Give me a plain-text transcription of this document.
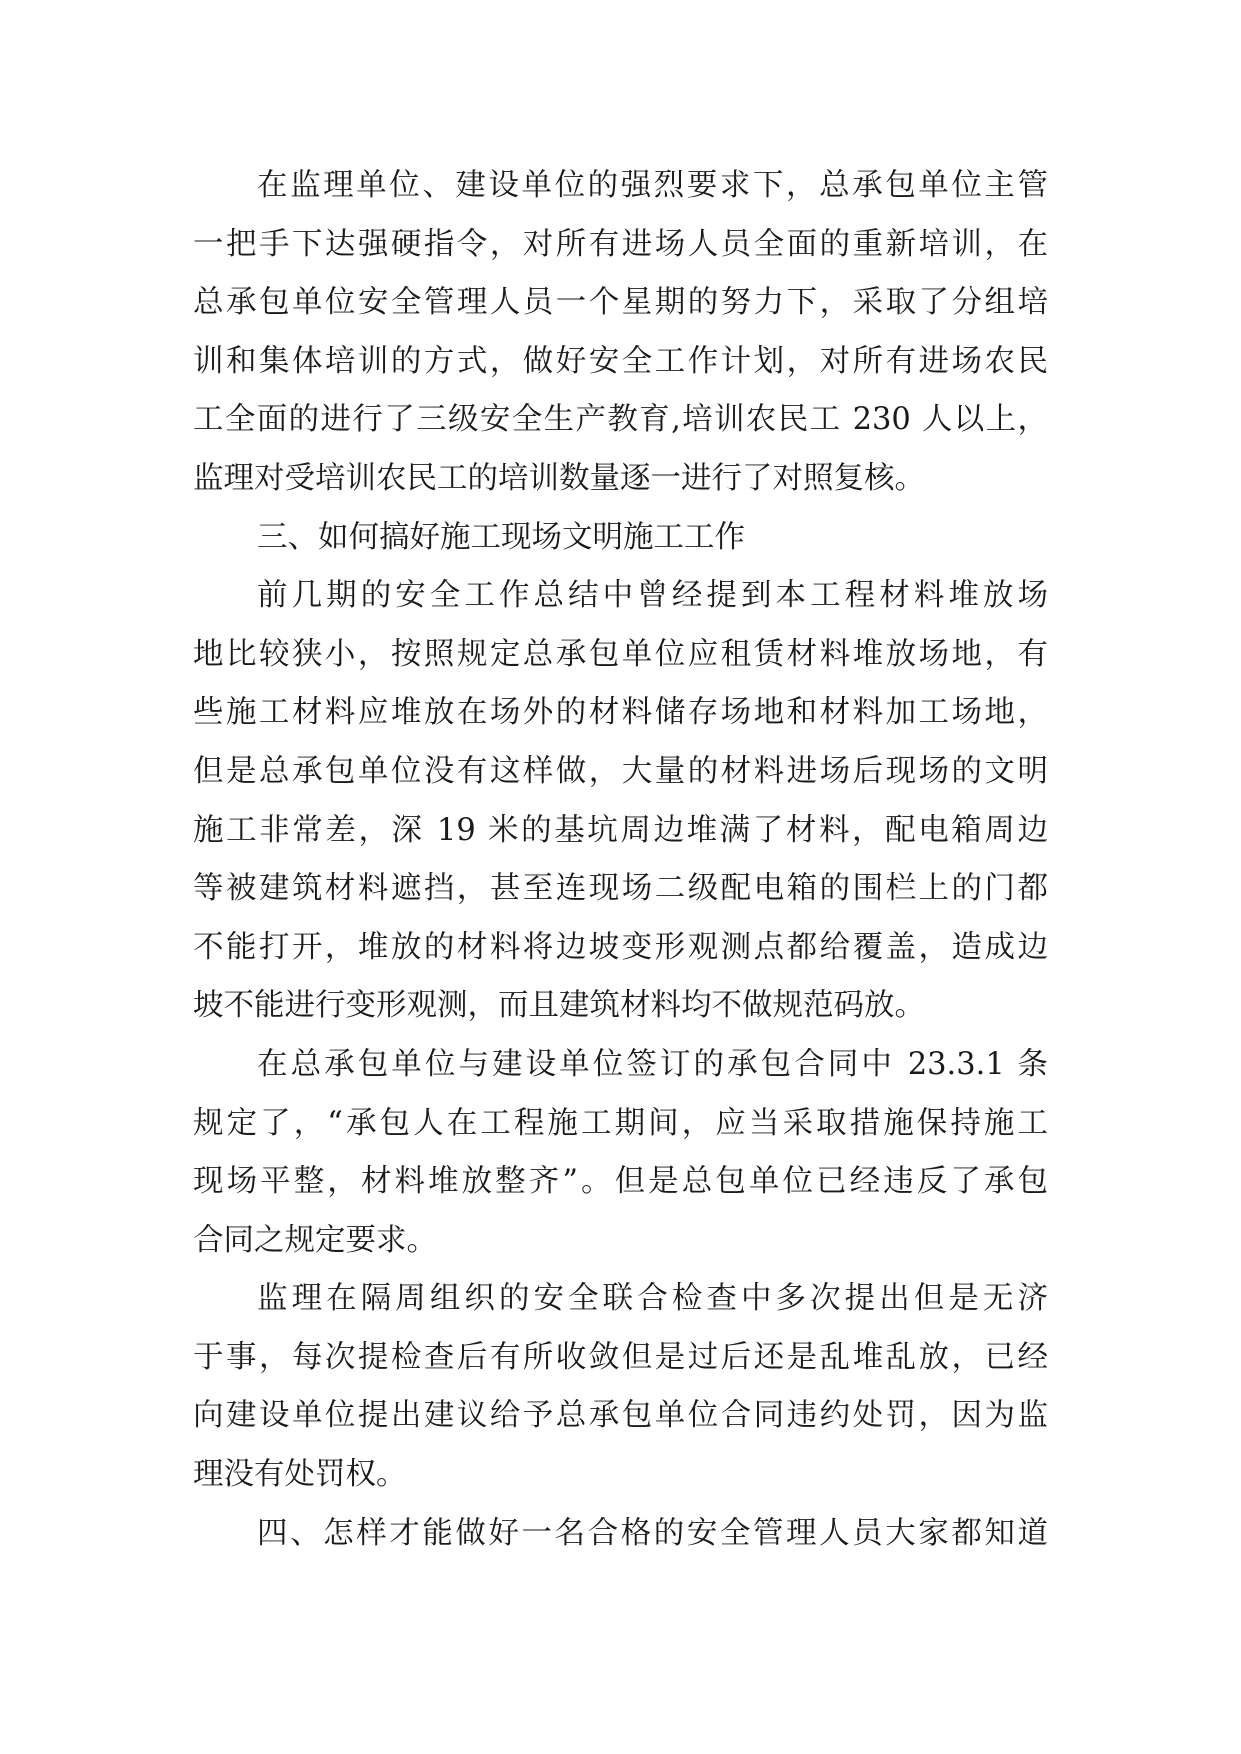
在监理单位、建设单位的强烈要求下，总承包单位主管
一把手下达强硬指令，对所有进场人员全面的重新培训，在
总承包单位安全管理人员一个星期的努力下，采取了分组培
训和集体培训的方式，做好安全工作计划，对所有进场农民
工全面的进行了三级安全生产教育,培训农民工 230 人以上，
监理对受培训农民工的培训数量逐一进行了对照复核。
三、如何搞好施工现场文明施工工作
前几期的安全工作总结中曾经提到本工程材料堆放场
地比较狭小，按照规定总承包单位应租赁材料堆放场地，有
些施工材料应堆放在场外的材料储存场地和材料加工场地，
但是总承包单位没有这样做，大量的材料进场后现场的文明
施工非常差，深 19 米的基坑周边堆满了材料，配电箱周边
等被建筑材料遮挡，甚至连现场二级配电箱的围栏上的门都
不能打开，堆放的材料将边坡变形观测点都给覆盖，造成边
坡不能进行变形观测，而且建筑材料均不做规范码放。
在总承包单位与建设单位签订的承包合同中 23.3.1 条
规定了，“承包人在工程施工期间，应当采取措施保持施工
现场平整，材料堆放整齐”。但是总包单位已经违反了承包
合同之规定要求。
监理在隔周组织的安全联合检查中多次提出但是无济
于事，每次提检查后有所收敛但是过后还是乱堆乱放，已经
向建设单位提出建议给予总承包单位合同违约处罚，因为监
理没有处罚权。
四、怎样才能做好一名合格的安全管理人员大家都知道
